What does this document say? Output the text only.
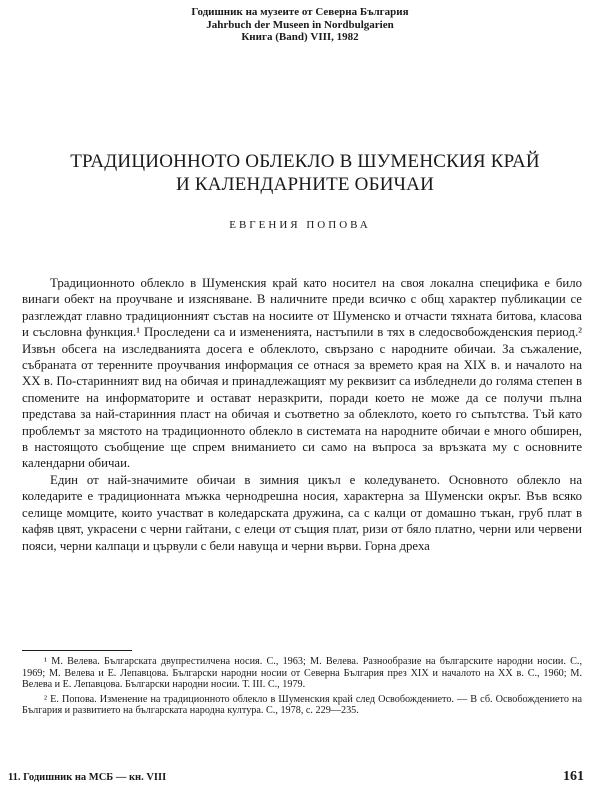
Годишник на музеите от Северна България
Jahrbuch der Museen in Nordbulgarien
Книга (Band) VIII, 1982
ТРАДИЦИОННОТО ОБЛЕКЛО В ШУМЕНСКИЯ КРАЙ
И КАЛЕНДАРНИТЕ ОБИЧАИ
ЕВГЕНИЯ ПОПОВА

Традиционното облекло в Шуменския край като носител на своя локална специфика е било винаги обект на проучване и изясняване. В наличните преди всичко с общ характер публикации се разглеждат главно традиционният състав на носиите от Шуменско и отчасти тяхната битова, класова и съсловна функция.¹ Проследени са и измененията, настъпили в тях в следосвобожденския период.² Извън обсега на изследванията досега е облеклото, свързано с народните обичаи. За съжаление, събраната от теренните проучвания информация се отнася за времето края на XIX в. и началото на XX в. По-старинният вид на обичая и принадлежащият му реквизит са изб‍ледне‍ли до голяма степен в спомените на информаторите и остават неразкрити, поради което не може да се получи пълна представа за най-старинния пласт на обичая и съответно за облеклото, което го съпътства. Тъй като проблемът за мястото на традиционното облекло в системата на народните обичаи е много обширен, в настоящото съобщение ще спрем вниманието си само на въпроса за връзката му с основните календарни обичаи.

Един от най-значимите обичаи в зимния цикъл е коледуването. Основното облекло на коледарите е традиционната мъжка чернодрешна носия, характерна за Шуменски окръг. Във всяко селище момците, които участват в коледарската дружина, са с калци от домашно тъкан, груб плат в кафяв цвят, украсени с черни гайтани, с елеци от същия плат, ризи от бяло платно, черни или червени пояси, черни калпаци и цървули с бели навуща и черни върви. Горна дреха

¹ М. Велева. Българската двупрестилчена носия. С., 1963; М. Велева. Разнообразие на българските народни носии. С., 1969; М. Велева и Е. Лепавцова. Български народни носии от Северна България през XIX и началото на XX в. С., 1960; М. Велева и Е. Лепавцова. Български народни носии. Т. III. С., 1979.

² Е. Попова. Изменение на традиционното облекло в Шуменския край след Освобождението. — В сб. Освобождението на България и развитието на българската народна култура. С., 1978, с. 229—235.

11. Годишник на МСБ — кн. VIII	161
